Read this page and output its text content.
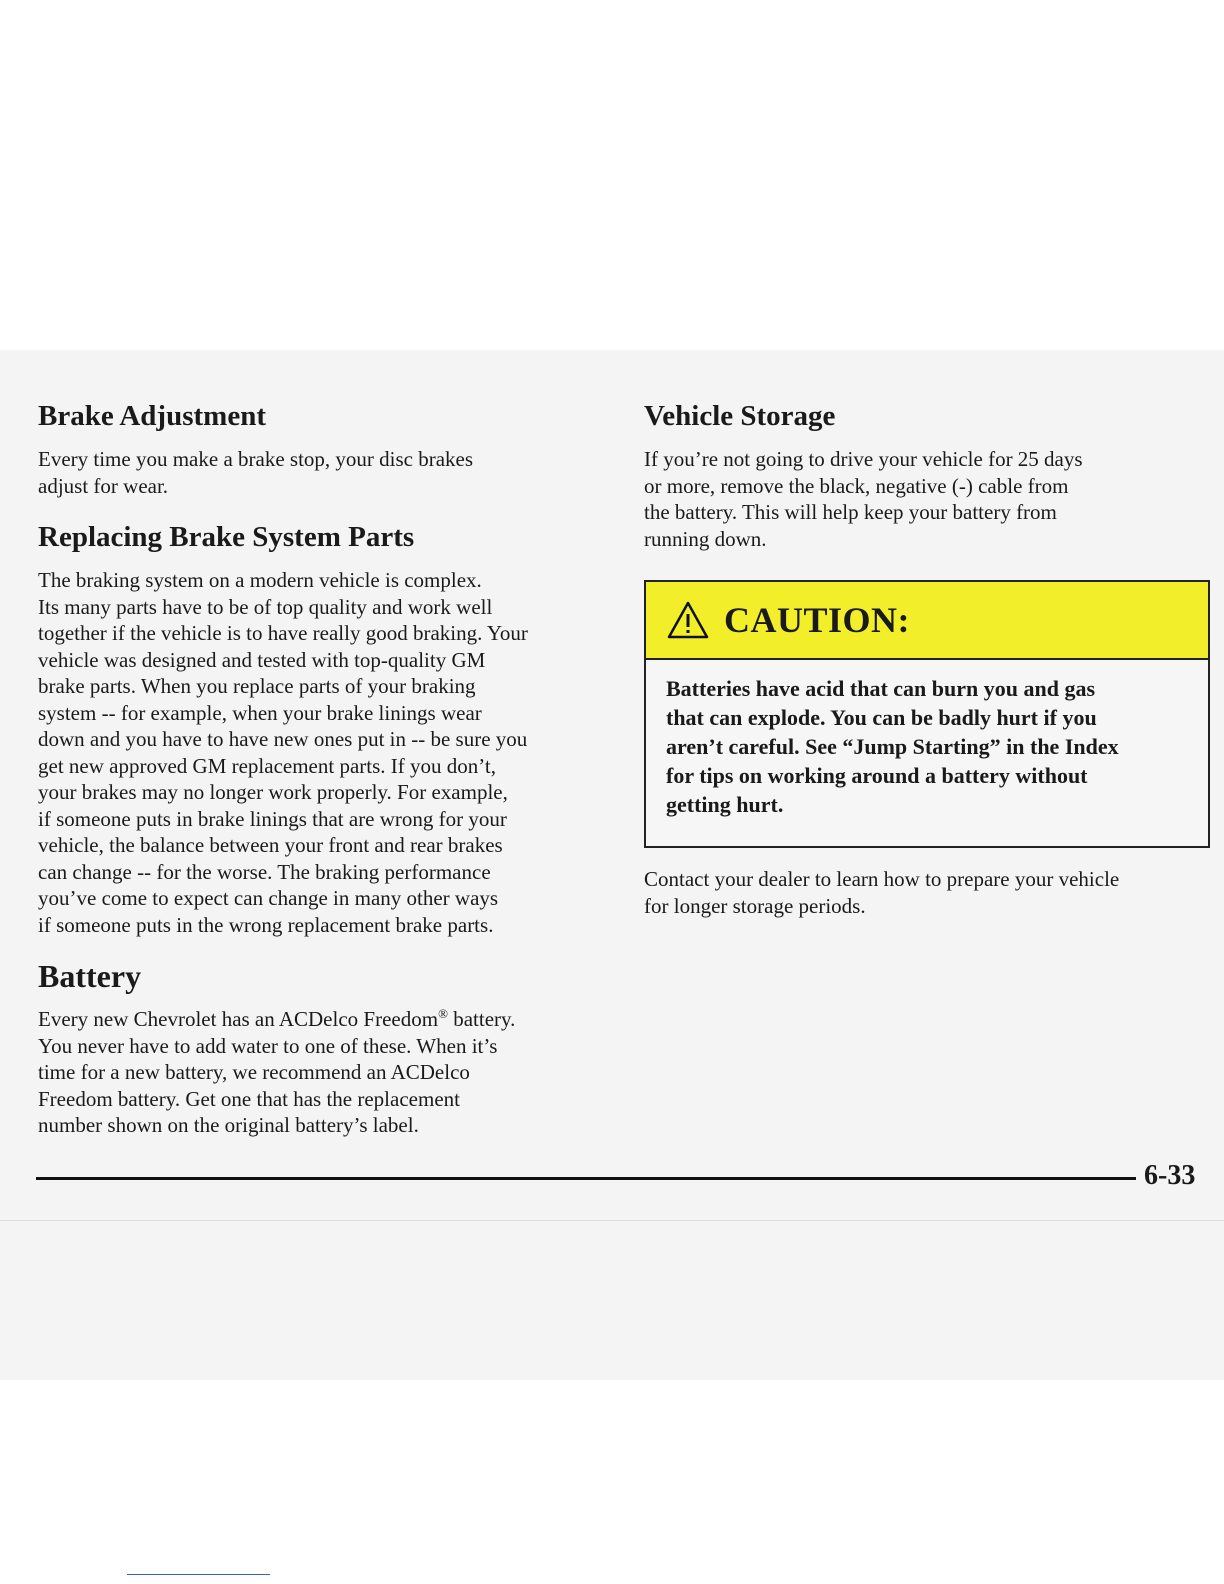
Brake Adjustment

Every time you make a brake stop, your disc brakes
adjust for wear.

Replacing Brake System Parts

The braking system on a modern vehicle is complex.
Its many parts have to be of top quality and work well
together if the vehicle is to have really good braking. Your
vehicle was designed and tested with top-quality GM
brake parts. When you replace parts of your braking
system -- for example, when your brake linings wear
down and you have to have new ones put in -- be sure you
get new approved GM replacement parts. If you don’t,
your brakes may no longer work properly. For example,
if someone puts in brake linings that are wrong for your
vehicle, the balance between your front and rear brakes
can change -- for the worse. The braking performance
you’ve come to expect can change in many other ways
if someone puts in the wrong replacement brake parts.

Battery

Every new Chevrolet has an ACDelco Freedom® battery.
You never have to add water to one of these. When it’s
time for a new battery, we recommend an ACDelco
Freedom battery. Get one that has the replacement
number shown on the original battery’s label.

Vehicle Storage

If you’re not going to drive your vehicle for 25 days
or more, remove the black, negative (-) cable from
the battery. This will help keep your battery from
running down.

CAUTION:
Batteries have acid that can burn you and gas
that can explode. You can be badly hurt if you
aren’t careful. See “Jump Starting” in the Index
for tips on working around a battery without
getting hurt.

Contact your dealer to learn how to prepare your vehicle
for longer storage periods.

6-33
